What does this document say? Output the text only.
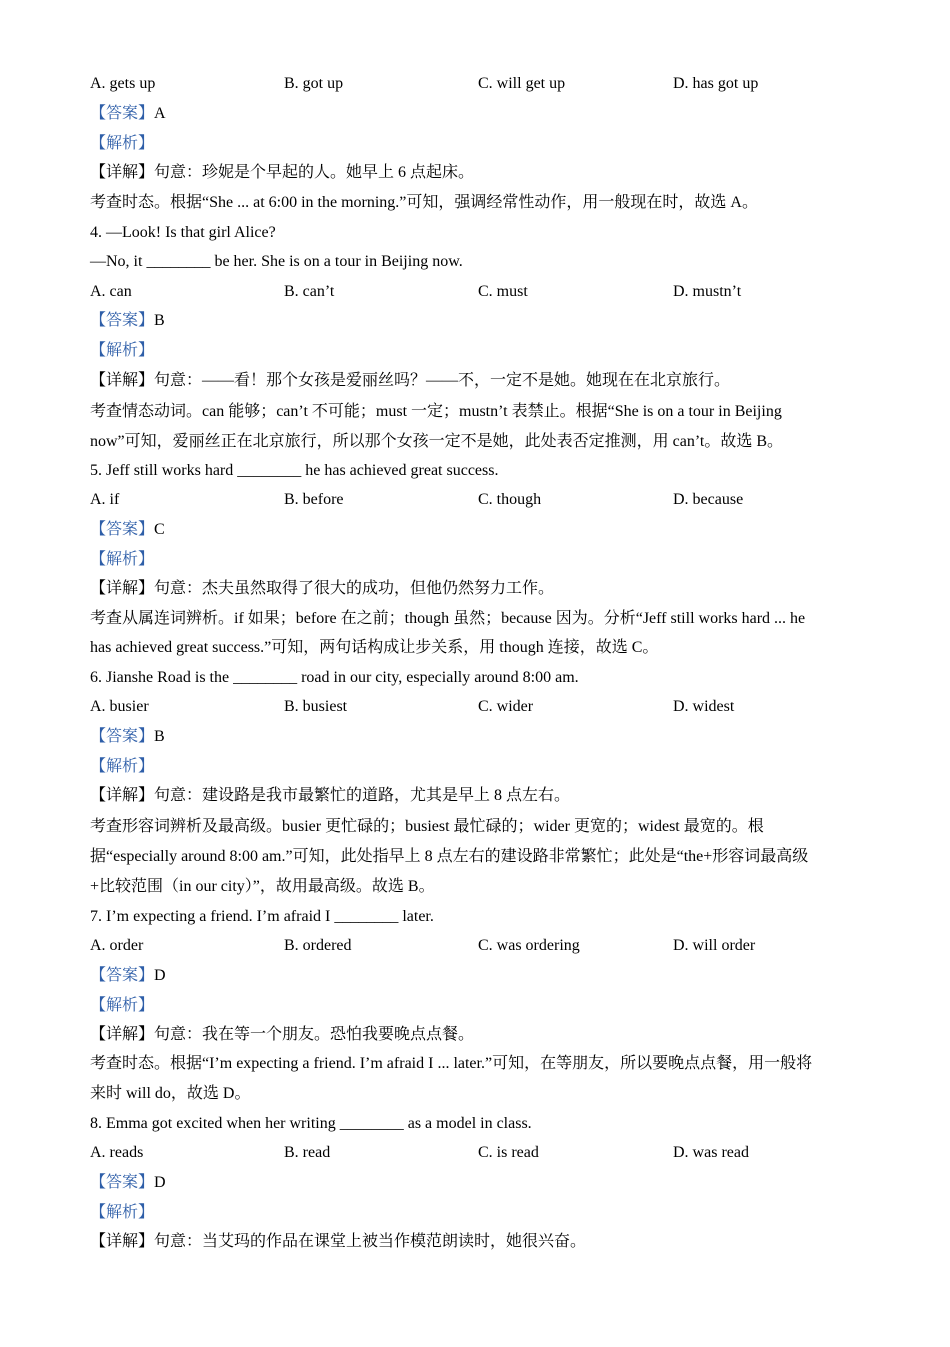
A. gets up	B. got up	C. will get up	D. has got up
【答案】A
【解析】
【详解】句意：珍妮是个早起的人。她早上 6 点起床。
考查时态。根据“She ... at 6:00 in the morning.”可知，强调经常性动作，用一般现在时，故选 A。
4. —Look! Is that girl Alice?
—No, it ________ be her. She is on a tour in Beijing now.
A. can	B. can’t	C. must	D. mustn’t
【答案】B
【解析】
【详解】句意：——看！那个女孩是爱丽丝吗？——不，一定不是她。她现在在北京旅行。
考查情态动词。can 能够；can’t 不可能；must 一定；mustn’t 表禁止。根据“She is on a tour in Beijing
now”可知，爱丽丝正在北京旅行，所以那个女孩一定不是她，此处表否定推测，用 can’t。故选 B。
5. Jeff still works hard ________ he has achieved great success.
A. if	B. before	C. though	D. because
【答案】C
【解析】
【详解】句意：杰夫虽然取得了很大的成功，但他仍然努力工作。
考查从属连词辨析。if 如果；before 在之前；though 虽然；because 因为。分析“Jeff still works hard ... he
has achieved great success.”可知，两句话构成让步关系，用 though 连接，故选 C。
6. Jianshe Road is the ________ road in our city, especially around 8:00 am.
A. busier	B. busiest	C. wider	D. widest
【答案】B
【解析】
【详解】句意：建设路是我市最繁忙的道路，尤其是早上 8 点左右。
考查形容词辨析及最高级。busier 更忙碌的；busiest 最忙碌的；wider 更宽的；widest 最宽的。根
据“especially around 8:00 am.”可知，此处指早上 8 点左右的建设路非常繁忙；此处是“the+形容词最高级
+比较范围（in our city）”，故用最高级。故选 B。
7. I’m expecting a friend. I’m afraid I ________ later.
A. order	B. ordered	C. was ordering	D. will order
【答案】D
【解析】
【详解】句意：我在等一个朋友。恐怕我要晚点点餐。
考查时态。根据“I’m expecting a friend. I’m afraid I ... later.”可知，在等朋友，所以要晚点点餐，用一般将
来时 will do，故选 D。
8. Emma got excited when her writing ________ as a model in class.
A. reads	B. read	C. is read	D. was read
【答案】D
【解析】
【详解】句意：当艾玛的作品在课堂上被当作模范朗读时，她很兴奋。
